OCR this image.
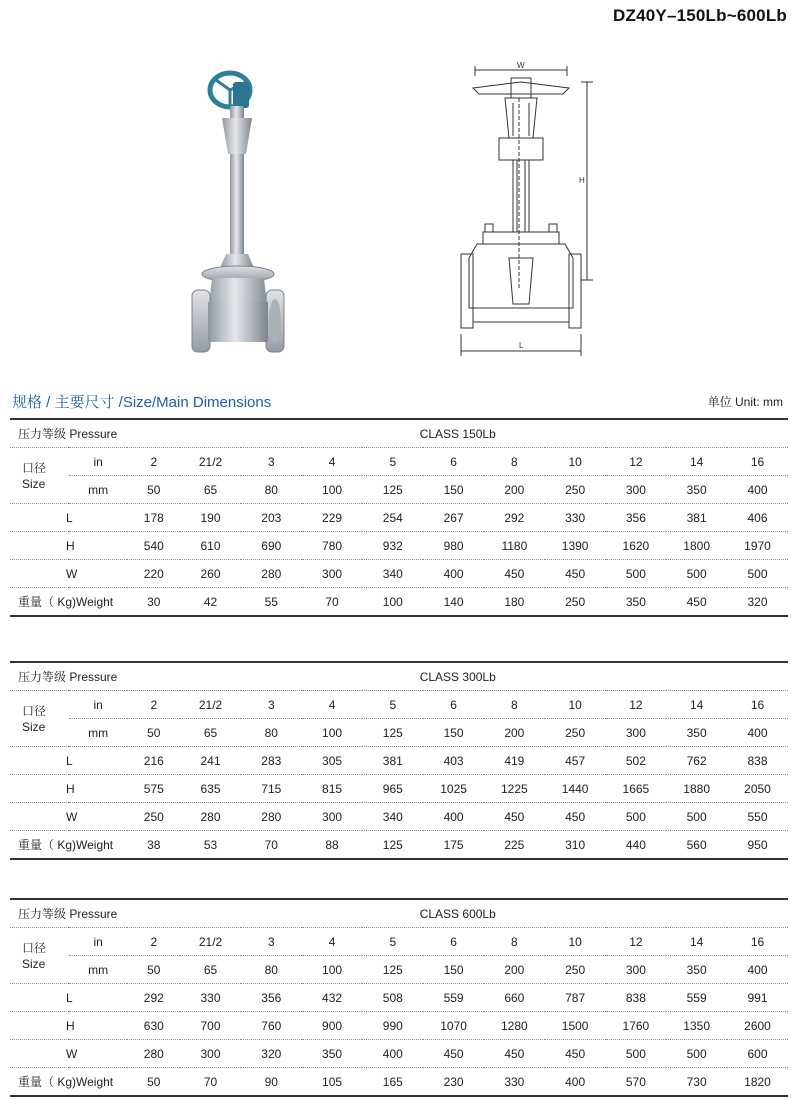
DZ40Y–150Lb~600Lb
W
H
L
规格 / 主要尺寸 /Size/Main Dimensions	单位 Unit: mm
压力等级 Pressure		CLASS 150Lb										

口径
Size	in	2	21/2	3	4	5	6	8	10	12	14	16
	mm	50	65	80	100	125	150	200	250	300	350	400
L		178	190	203	229	254	267	292	330	356	381	406
H		540	610	690	780	932	980	1180	1390	1620	1800	1970
W		220	260	280	300	340	400	450	450	500	500	500
重量（ Kg)Weight		30	42	55	70	100	140	180	250	350	450	320
压力等级 Pressure		CLASS 300Lb										

口径
Size	in	2	21/2	3	4	5	6	8	10	12	14	16
	mm	50	65	80	100	125	150	200	250	300	350	400
L		216	241	283	305	381	403	419	457	502	762	838
H		575	635	715	815	965	1025	1225	1440	1665	1880	2050
W		250	280	280	300	340	400	450	450	500	500	550
重量（ Kg)Weight		38	53	70	88	125	175	225	310	440	560	950
压力等级 Pressure		CLASS 600Lb										

口径
Size	in	2	21/2	3	4	5	6	8	10	12	14	16
	mm	50	65	80	100	125	150	200	250	300	350	400
L		292	330	356	432	508	559	660	787	838	559	991
H		630	700	760	900	990	1070	1280	1500	1760	1350	2600
W		280	300	320	350	400	450	450	450	500	500	600
重量（ Kg)Weight		50	70	90	105	165	230	330	400	570	730	1820
